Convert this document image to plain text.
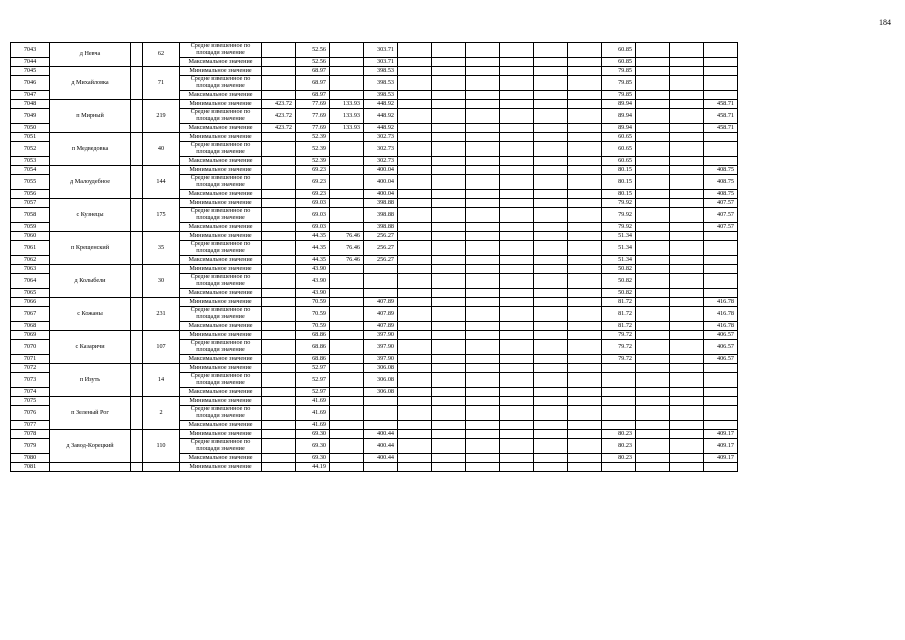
184
7043	д Невча		62	Средне взвешенное по площади значение		52.56		303.71							60.85			
7044				Максимальное значение		52.56		303.71							60.85			
7045	д Михайловка		71	Минимальное значение		68.97		398.53							79.85			
7046				Средне взвешенное по площади значение		68.97		398.53							79.85			
7047				Максимальное значение		68.97		398.53							79.85			
7048	п Мирный		219	Минимальное значение	423.72	77.69	133.93	448.92							89.94			458.71
7049				Средне взвешенное по площади значение	423.72	77.69	133.93	448.92							89.94			458.71
7050				Максимальное значение	423.72	77.69	133.93	448.92							89.94			458.71
7051	п Медведовка		40	Минимальное значение		52.39		302.73							60.65			
7052				Средне взвешенное по площади значение		52.39		302.73							60.65			
7053				Максимальное значение		52.39		302.73							60.65			
7054	д Малоудебное		144	Минимальное значение		69.23		400.04							80.15			408.75
7055				Средне взвешенное по площади значение		69.23		400.04							80.15			408.75
7056				Максимальное значение		69.23		400.04							80.15			408.75
7057	с Кузнецы		175	Минимальное значение		69.03		398.88							79.92			407.57
7058				Средне взвешенное по площади значение		69.03		398.88							79.92			407.57
7059				Максимальное значение		69.03		398.88							79.92			407.57
7060	п Крещенский		35	Минимальное значение		44.35	76.46	256.27							51.34			
7061				Средне взвешенное по площади значение		44.35	76.46	256.27							51.34			
7062				Максимальное значение		44.35	76.46	256.27							51.34			
7063	д Колыбели		30	Минимальное значение		43.90									50.82			
7064				Средне взвешенное по площади значение		43.90									50.82			
7065				Максимальное значение		43.90									50.82			
7066	с Кожаны		231	Минимальное значение		70.59		407.89							81.72			416.78
7067				Средне взвешенное по площади значение		70.59		407.89							81.72			416.78
7068				Максимальное значение		70.59		407.89							81.72			416.78
7069	с Казаричи		107	Минимальное значение		68.86		397.90							79.72			406.57
7070				Средне взвешенное по площади значение		68.86		397.90							79.72			406.57
7071				Максимальное значение		68.86		397.90							79.72			406.57
7072	п Изуть		14	Минимальное значение		52.97		306.08										
7073				Средне взвешенное по площади значение		52.97		306.08										
7074				Максимальное значение		52.97		306.08										
7075	п Зеленый Рог		2	Минимальное значение		41.69												
7076				Средне взвешенное по площади значение		41.69												
7077				Максимальное значение		41.69												
7078	д Завод-Корецкий		110	Минимальное значение		69.30		400.44							80.23			409.17
7079				Средне взвешенное по площади значение		69.30		400.44							80.23			409.17
7080				Максимальное значение		69.30		400.44							80.23			409.17
7081				Минимальное значение		44.19												
